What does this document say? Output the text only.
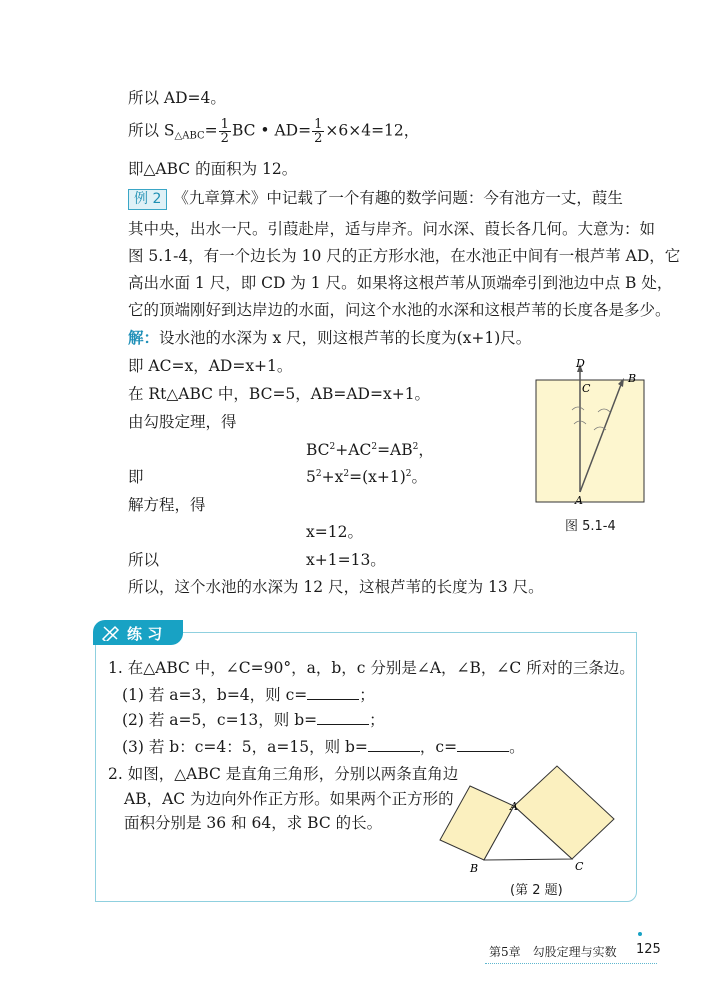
所以 AD=4。
所以 $S_{\triangle ABC}= \frac{1}{2}$ BC • $AD= \frac{1}{2} \times 6\times 4=12$，
即△ABC 的面积为 12。
例 2 《九章算术》中记载了一个有趣的数学问题：今有池方一丈，葭生
其中央，出水一尺。引葭赴岸，适与岸齐。问水深、葭长各几何。大意为：如
图 5.1-4，有一个边长为 10 尺的正方形水池，在水池正中间有一根芦苇 AD，它
高出水面 1 尺，即 CD 为 1 尺。如果将这根芦苇从顶端牵引到池边中点 B 处，
它的顶端刚好到达岸边的水面，问这个水池的水深和这根芦苇的长度各是多少。
解：设水池的水深为 x 尺，则这根芦苇的长度为(x+1)尺。
即 AC=x，AD=x+1。
在 Rt△ABC 中，BC=5，AB=AD=x+1。
由勾股定理，得
$BC^2+AC^2=AB^2$，
即	$5^2+x^2=(x+1)^2$。
解方程，得
x=12。
所以	x+1=13。
所以，这个水池的水深为 12 尺，这根芦苇的长度为 13 尺。
D
B
C
A
图 5.1-4
练 习
1. 在△ABC 中，∠C=90°，a，b，c 分别是∠A，∠B，∠C 所对的三条边。
(1) 若 a=3，b=4，则 c=	；
(2) 若 a=5，c=13，则 b=	；
(3) 若 b：c=4：5，a=15，则 b=	，c=	。
2. 如图，△ABC 是直角三角形，分别以两条直角边
AB，AC 为边向外作正方形。如果两个正方形的
面积分别是 36 和 64，求 BC 的长。
A
B	C
(第 2 题)
第5章　勾股定理与实数 125
